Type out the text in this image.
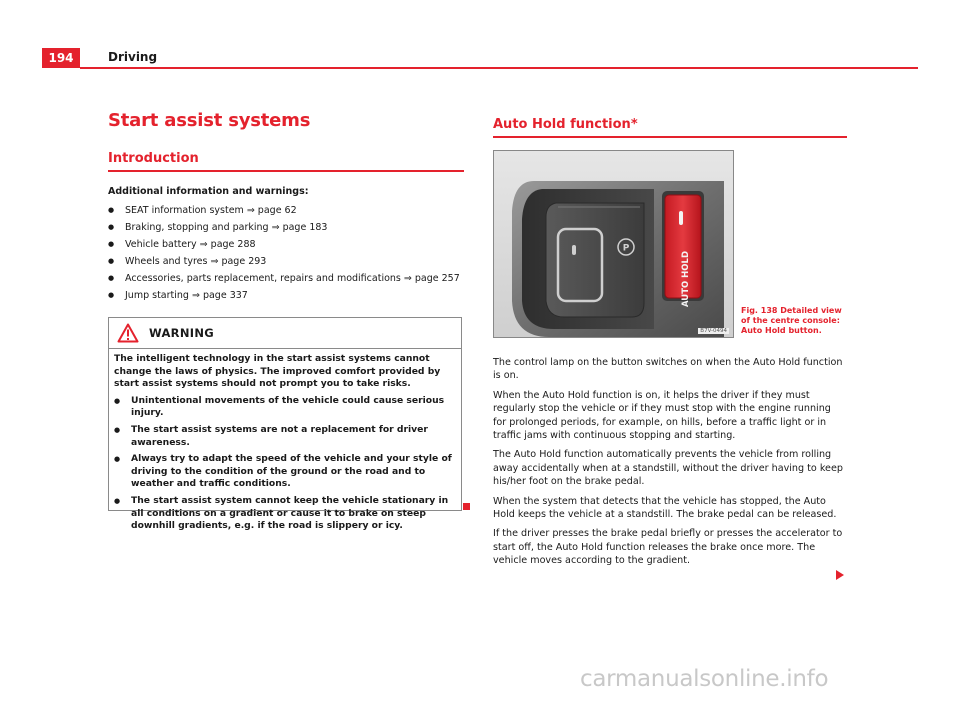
194	Driving
Start assist systems
Introduction
Additional information and warnings:
● SEAT information system ⇒ page 62
● Braking, stopping and parking ⇒ page 183
● Vehicle battery ⇒ page 288
● Wheels and tyres ⇒ page 293
● Accessories, parts replacement, repairs and modifications ⇒ page 257
● Jump starting ⇒ page 337
WARNING

The intelligent technology in the start assist systems cannot change the laws of physics. The improved comfort provided by start assist systems should not prompt you to take risks.

● Unintentional movements of the vehicle could cause serious injury.

● The start assist systems are not a replacement for driver awareness.

● Always try to adapt the speed of the vehicle and your style of driving to the condition of the ground or the road and to weather and traffic conditions.

● The start assist system cannot keep the vehicle stationary in all conditions on a gradient or cause it to brake on steep downhill gradients, e.g. if the road is slippery or icy.

Auto Hold function*
P
AUTO HOLD
B7V-0494
Fig. 138 Detailed view of the centre console: Auto Hold button.

The control lamp on the button switches on when the Auto Hold function is on.

When the Auto Hold function is on, it helps the driver if they must regularly stop the vehicle or if they must stop with the engine running for prolonged periods, for example, on hills, before a traffic light or in traffic jams with continuous stopping and starting.

The Auto Hold function automatically prevents the vehicle from rolling away accidentally when at a standstill, without the driver having to keep his/her foot on the brake pedal.

When the system that detects that the vehicle has stopped, the Auto Hold keeps the vehicle at a standstill. The brake pedal can be released.

If the driver presses the brake pedal briefly or presses the accelerator to start off, the Auto Hold function releases the brake once more. The vehicle moves according to the gradient.

carmanualsonline.info
